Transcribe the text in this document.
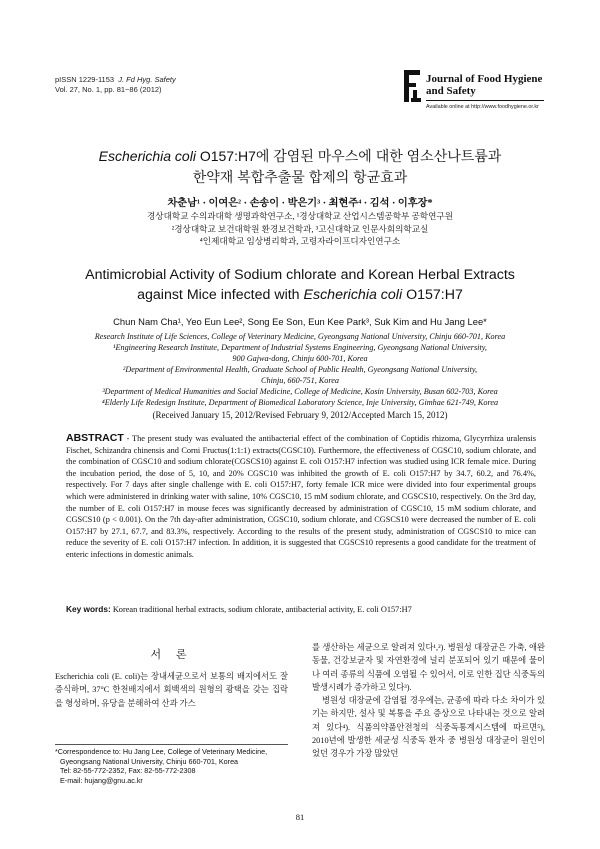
pISSN 1229-1153 J. Fd Hyg. Safety
Vol. 27, No. 1, pp. 81~86 (2012)
Journal of Food Hygiene
and Safety
Available online at http://www.foodhygiene.or.kr
Escherichia coli O157:H7에 감염된 마우스에 대한 염소산나트륨과
한약재 복합추출물 합제의 항균효과
차춘남¹ · 이여은² · 손송이 · 박은기³ · 최현주⁴ · 김석 · 이후장*
경상대학교 수의과대학 생명과학연구소, ¹경상대학교 산업시스템공학부 공학연구원
²경상대학교 보건대학원 환경보건학과, ³고신대학교 인문사회의학교실
⁴인제대학교 임상병리학과, 고령자라이프디자인연구소
Antimicrobial Activity of Sodium chlorate and Korean Herbal Extracts
against Mice infected with Escherichia coli O157:H7
Chun Nam Cha¹, Yeo Eun Lee², Song Ee Son, Eun Kee Park³, Suk Kim and Hu Jang Lee*
Research Institute of Life Sciences, College of Veterinary Medicine, Gyeongsang National University, Chinju 660-701, Korea
¹Engineering Research Institute, Department of Industrial Systems Engineering, Gyeongsang National University,
900 Gajwa-dong, Chinju 600-701, Korea
²Department of Environmental Health, Graduate School of Public Health, Gyeongsang National University,
Chinju, 660-751, Korea
³Department of Medical Humanities and Social Medicine, College of Medicine, Kosin University, Busan 602-703, Korea
⁴Elderly Life Redesign Institute, Department of Biomedical Laboratory Science, Inje University, Gimhae 621-749, Korea
(Received January 15, 2012/Revised February 9, 2012/Accepted March 15, 2012)
ABSTRACT - The present study was evaluated the antibacterial effect of the combination of Coptidis rhizoma, Glycyrrhiza uralensis Fischet, Schizandra chinensis and Corni Fructus(1:1:1) extracts(CGSC10). Furthermore, the effectiveness of CGSC10, sodium chlorate, and the combination of CGSC10 and sodium chlorate(CGSCS10) against E. coli O157:H7 infection was studied using ICR female mice. During the incubation period, the dose of 5, 10, and 20% CGSC10 was inhibited the growth of E. coli O157:H7 by 34.7, 60.2, and 76.4%, respectively. For 7 days after single challenge with E. coli O157:H7, forty female ICR mice were divided into four experimental groups which were administered in drinking water with saline, 10% CGSC10, 15 mM sodium chlorate, and CGSCS10, respectively. On the 3rd day, the number of E. coli O157:H7 in mouse feces was significantly decreased by administration of CGSC10, 15 mM sodium chlorate, and CGSCS10 (p < 0.001). On the 7th day-after administration, CGSC10, sodium chlorate, and CGSCS10 were decreased the number of E. coli O157:H7 by 27.1, 67.7, and 83.3%, respectively. According to the results of the present study, administration of CGSCS10 to mice can reduce the severity of E. coli O157:H7 infection. In addition, it is suggested that CGSCS10 represents a good candidate for the treatment of enteric infections in domestic animals.
Key words: Korean traditional herbal extracts, sodium chlorate, antibacterial activity, E. coli O157:H7
서 론
Escherichia coli (E. coli)는 장내세균으로서 보통의 배지에서도 잘 증식하며, 37°C 한천배지에서 회백색의 원형의 광택을 갖는 집락을 형성하며, 유당을 분해하여 산과 가스
를 생산하는 세균으로 알려져 있다¹,²). 병원성 대장균은 가축, 애완동물, 건강보균자 및 자연환경에 널리 분포되어 있기 때문에 물이나 여러 종류의 식품에 오염될 수 있어서, 이로 인한 집단 식중독의 발생시례가 증가하고 있다³).
병원성 대장균에 감염될 경우에는, 균종에 따라 다소 차이가 있기는 하지만, 설사 및 복통을 주요 증상으로 나타내는 것으로 알려져 있다⁴). 식품의약품안전청의 식중독통계시스템에 따르면⁵), 2010년에 발생한 세균성 식중독 환자 중 병원성 대장균이 원인이었던 경우가 가장 많았던
*Correspondence to: Hu Jang Lee, College of Veterinary Medicine,
Gyeongsang National University, Chinju 660-701, Korea
Tel: 82-55-772-2352, Fax: 82-55-772-2308
E-mail: hujang@gnu.ac.kr
81
